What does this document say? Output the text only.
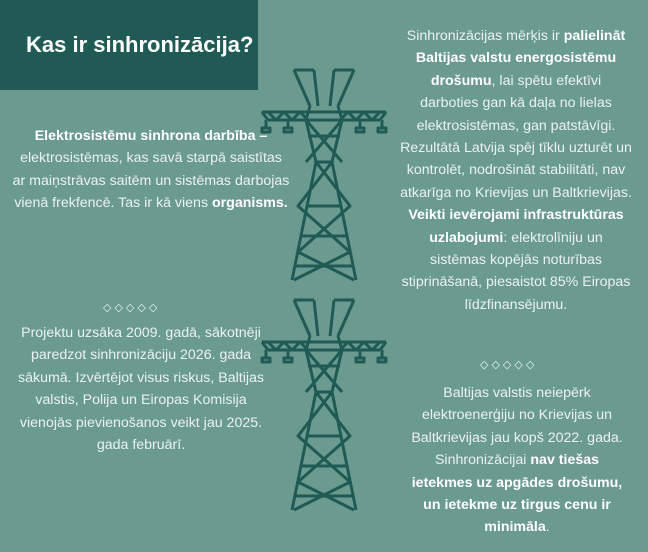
Kas ir sinhronizācija?
Elektrosistēmu sinhrona darbība – elektrosistēmas, kas savā starpā saistītas ar maiņstrāvas saitēm un sistēmas darbojas vienā frekfencē. Tas ir kā viens organisms.
◇◇◇◇◇
Projektu uzsāka 2009. gadā, sākotnēji paredzot sinhronizāciju 2026. gada sākumā. Izvērtējot visus riskus, Baltijas valstis, Polija un Eiropas Komisija vienojās pievienošanos veikt jau 2025. gada februārī.
Sinhronizācijas mērķis ir palielināt Baltijas valstu energosistēmu drošumu, lai spētu efektīvi darboties gan kā daļa no lielas elektrosistēmas, gan patstāvīgi. Rezultātā Latvija spēj tīklu uzturēt un kontrolēt, nodrošināt stabilitāti, nav atkarīga no Krievijas un Baltkrievijas. Veikti ievērojami infrastruktūras uzlabojumi: elektrolīniju un sistēmas kopējās noturības stiprināšanā, piesaistot 85% Eiropas līdzfinansējumu.
◇◇◇◇◇
Baltijas valstis neiepērk elektroenerģiju no Krievijas un Baltkrievijas jau kopš 2022. gada. Sinhronizācijai nav tiešas ietekmes uz apgādes drošumu, un ietekme uz tirgus cenu ir minimāla.
